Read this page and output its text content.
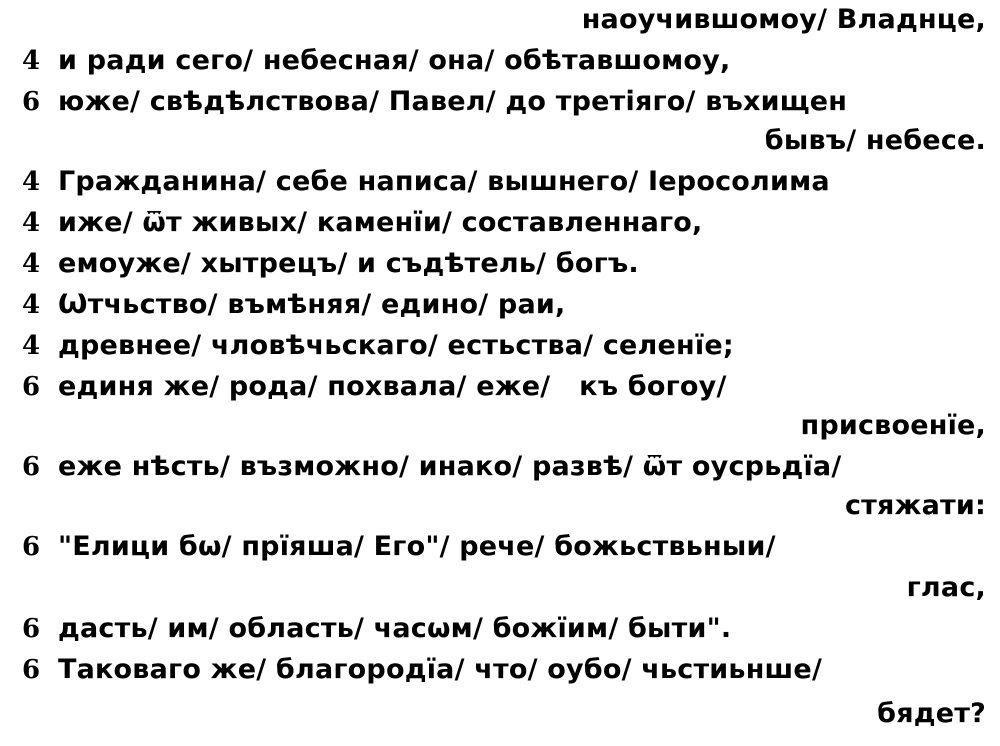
наоучившомоу/ Владнце,
4 и ради сего/ небесная/ она/ обѣтавшомоу,
6 юже/ свѣдѣлствова/ Павел/ до третіяго/ въхищен
бывъ/ небесе.
4 Гражданина/ себе написа/ вышнего/ Іеросолима
4 иже/ ѿт живых/ каменїи/ составленнаго,
4 емоуже/ хытрецъ/ и съдѣтель/ богъ.
4 Ѡтчьство/ въмѣняя/ едино/ раи,
4 древнее/ чловѣчьскаго/ естьства/ селенїе;
6 единя же/ рода/ похвала/ еже/   къ богоу/
присвоенїе,
6 еже нѣсть/ възможно/ инако/ развѣ/ ѿт оусрьдїа/
стяжати:
6 "Елици бѡ/ прїяша/ Его"/ рече/ божьствьныи/
глас,
6 дасть/ им/ область/ чаcѡм/ божїим/ быти".
6 Таковаго же/ благородїа/ что/ оубо/ чьстиьнше/
бядет?
